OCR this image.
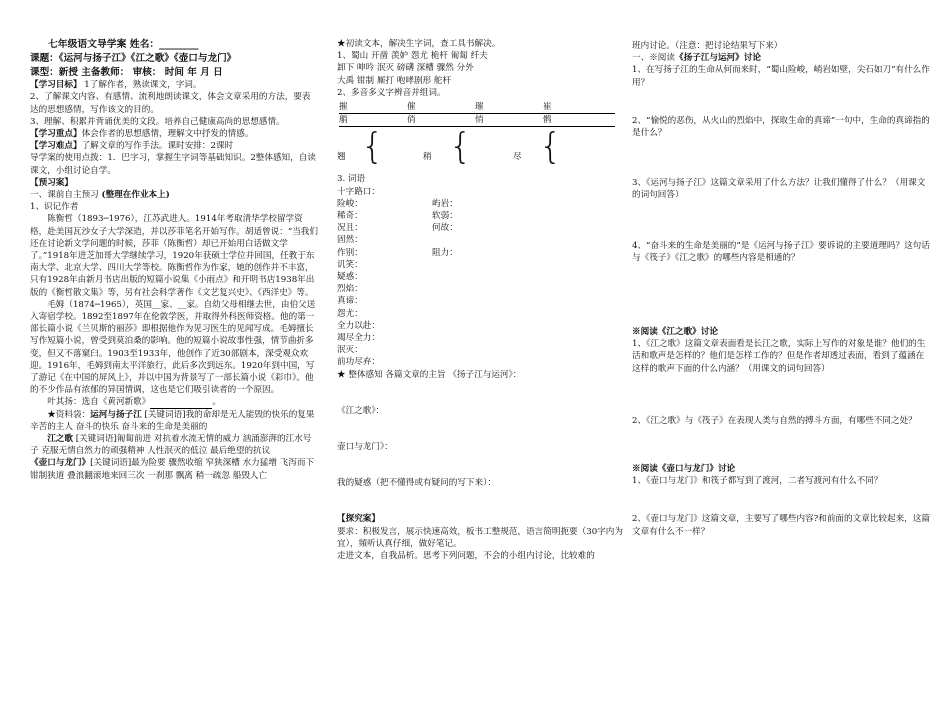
七年级语文导学案 姓名：________

课题：《运河与扬子江》《江之歌》《壶口与龙门》

课型：新授 主备教师： 审核： 时间 年 月 日

【学习目标】 1了解作者，熟读课文，字词。

2、了解课文内容、有感情、流利地朗读课文，体会文章采用的方法，要表达的思想感情，写作该文的目的。

3、理解、积累并背诵优美的文段。培养自己健康高尚的思想感情。

【学习重点】体会作者的思想感情，理解文中抒发的情感。

【学习难点】了解文章的写作手法。课时安排：2课时

导学案的使用点拨：1．巴字习，掌握生字词等基础知识。2整体感知，自读课文，小组讨论自学。

【预习案】

一、课前自主预习 (整理在作业本上)

1、识记作者

陈衡哲（1893─1976），江苏武进人。1914年考取清华学校留学资格，赴美国瓦沙女子大学深造，并以莎菲笔名开始写作。胡适曾说：“当我们还在讨论新文学问题的时候，莎菲（陈衡哲）却已开始用白话做文学了。”1918年进芝加哥大学继续学习，1920年获硕士学位并回国，任教于东南大学、北京大学、四川大学等校。陈衡哲作为作家，她的创作并不丰富，只有1928年由新月书店出版的短篇小说集《小雨点》和开明书店1938年出版的《衡哲散文集》等，另有社会科学著作《文艺复兴史》、《西洋史》等。

毛姆（1874─1965），英国__家、__家。自幼父母相继去世，由伯父送入寄宿学校。1892至1897年在伦敦学医，并取得外科医师资格。他的第一部长篇小说《兰贝斯的丽莎》即根据他作为见习医生的见闻写成。毛姆擅长写作短篇小说，曾受到莫泊桑的影响。他的短篇小说故事性强，情节曲折多变，但又不落窠臼。1903至1933年，他创作了近30部剧本，深受观众欢迎。1916年，毛姆到南太平洋旅行，此后多次到远东。1920年到中国，写了游记《在中国的屏风上》，并以中国为背景写了一部长篇小说《彩巾》。他的不少作品有浓郁的异国情调，这也是它们吸引读者的一个原因。

叶其扬：选自《黄河新歌》	。

★资料袋：运河与扬子江 [关键词语]我的命却是无人能毁的快乐的复果 辛苦的主人 奋斗的快乐 奋斗来的生命是美丽的

江之歌 [关键词语]匍匐前进 对抗着水流无情的威力 汹涌澎湃的江水号子 克服无情自然力的顽强精神 人性泯灭的低泣 最后绝望的抗议

《壶口与龙门》[关键词语]最为险要 骤然收缩 窄狭深槽 水力猛增 飞泻而下 钳制狭道 叠浪翻滚地来回三次 一刹那 飘离 稍一疏忽 船毁人亡

★初读文本，解决生字词，查工具书解决。

1、蜀山 开凿 羡妒 怨尤 桅杆 匍匐 纤夫

卸下 呻吟 泯灭 磅礴 深槽 骤然 分外

大禹 钳制 厮打 咆哮剧形 舵杆

2、多音多义字辨音并组词。

摧	催	璀	崔
艄	俏	悄	鹘
翘 {	稍 {	尽 {

3. 词语

十字路口：

险峻：	屿岩：
稀奇：	软弱：
况且：	何故：
固然：
作别：	阻力：
讥笑：
疑惑：
烈焰：
真谛：
怨尤：
全力以赴：
竭尽全力：
泯灭：
前功尽弃：

★ 整体感知 各篇文章的主旨 《扬子江与运河》：

《江之歌》：

壶口与龙门》：

我的疑惑（把不懂得或有疑问的写下来）：

【探究案】

要求：积极发言，展示快速高效，板书工整规范，语言简明扼要（30字内为宜），頻听认真仔细，做好笔记。

走进文本，自我品析。思考下列问题，不会的小组内讨论，比较难的

班内讨论。（注意：把讨论结果写下来）

一、※阅读《扬子江与运河》讨论

1、在写扬子江的生命从何而来时，“蜀山险峻，峭岩如壁，尖石如刀”有什么作用？

2、“愉悦的恶伤，从火山的烈焰中，探取生命的真谛”一句中，生命的真谛指的是什么？

3、《运河与扬子江》这篇文章采用了什么方法？让我们懂得了什么？（用课文的词句回答）

4、“奋斗来的生命是美丽的”是《运河与扬子江》要诉说的主要道理吗？这句话与《筏子》《江之歌》的哪些内容是相通的？

※阅读《江之歌》讨论

1、《江之歌》这篇文章表面看是长江之歌，实际上写作的对象是谁？他们的生活和歌声是怎样的？他们是怎样工作的？但是作者却透过表面，看到了蕴涵在这样的歌声下面的什么内涵？（用课文的词句回答）

2、《江之歌》与《筏子》在表现人类与自然的搏斗方面，有哪些不同之处？

※阅读《壶口与龙门》讨论

1、《壶口与龙门》和筏子都写到了渡河，二者写渡河有什么不同？

2、《壶口与龙门》这篇文章，主要写了哪些内容?和前面的文章比较起来，这篇文章有什么不一样？
